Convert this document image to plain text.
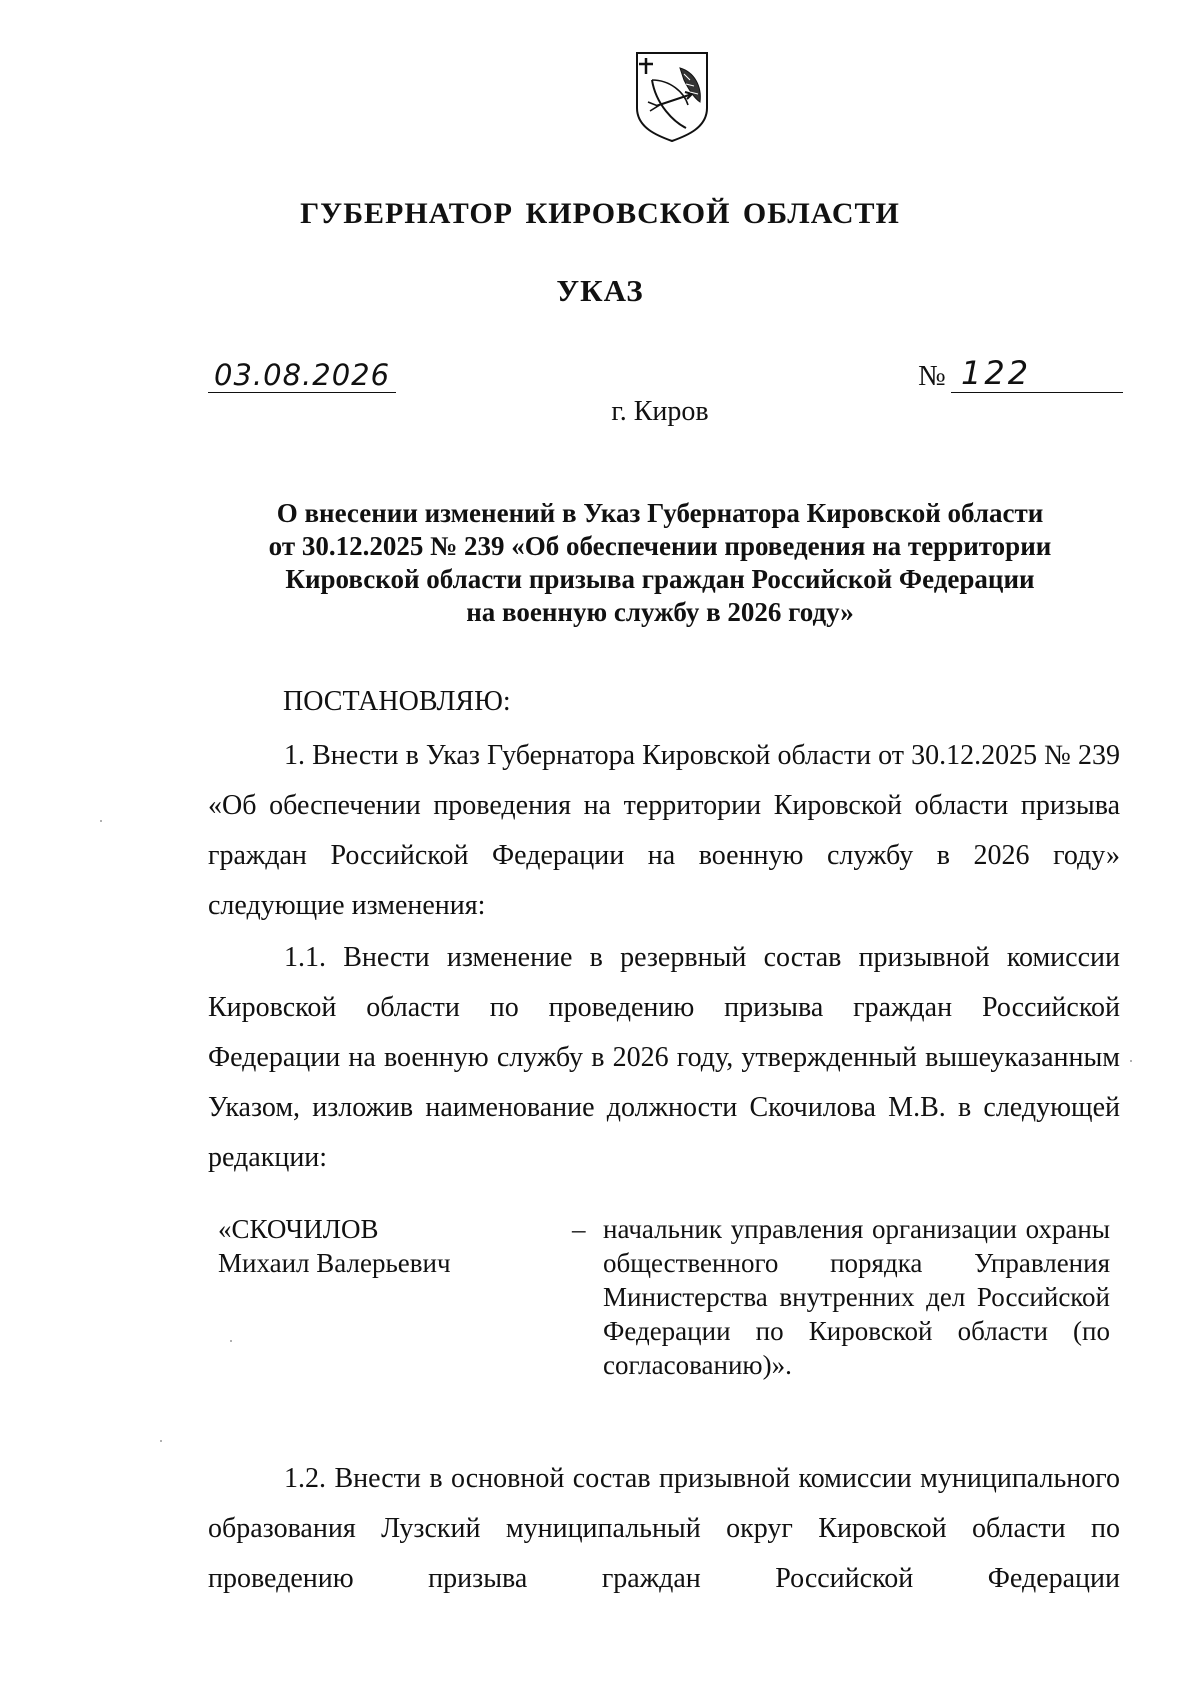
ГУБЕРНАТОР КИРОВСКОЙ ОБЛАСТИ
УКАЗ
03.08.2026	№ 122
г. Киров
О внесении изменений в Указ Губернатора Кировской области
от 30.12.2025 № 239 «Об обеспечении проведения на территории
Кировской области призыва граждан Российской Федерации
на военную службу в 2026 году»
ПОСТАНОВЛЯЮ:
1. Внести в Указ Губернатора Кировской области от 30.12.2025 № 239 «Об обеспечении проведения на территории Кировской области призыва граждан Российской Федерации на военную службу в 2026 году» следующие изменения:
1.1. Внести изменение в резервный состав призывной комиссии Кировской области по проведению призыва граждан Российской Федерации на военную службу в 2026 году, утвержденный вышеуказанным Указом, изложив наименование должности Скочилова М.В. в следующей редакции:
«СКОЧИЛОВ
Михаил Валерьевич
– начальник управления организации охраны общественного порядка Управления Министерства внутренних дел Российской Федерации по Кировской области (по согласованию)».
1.2. Внести в основной состав призывной комиссии муниципального образования Лузский муниципальный округ Кировской области по проведению призыва граждан Российской Федерации
